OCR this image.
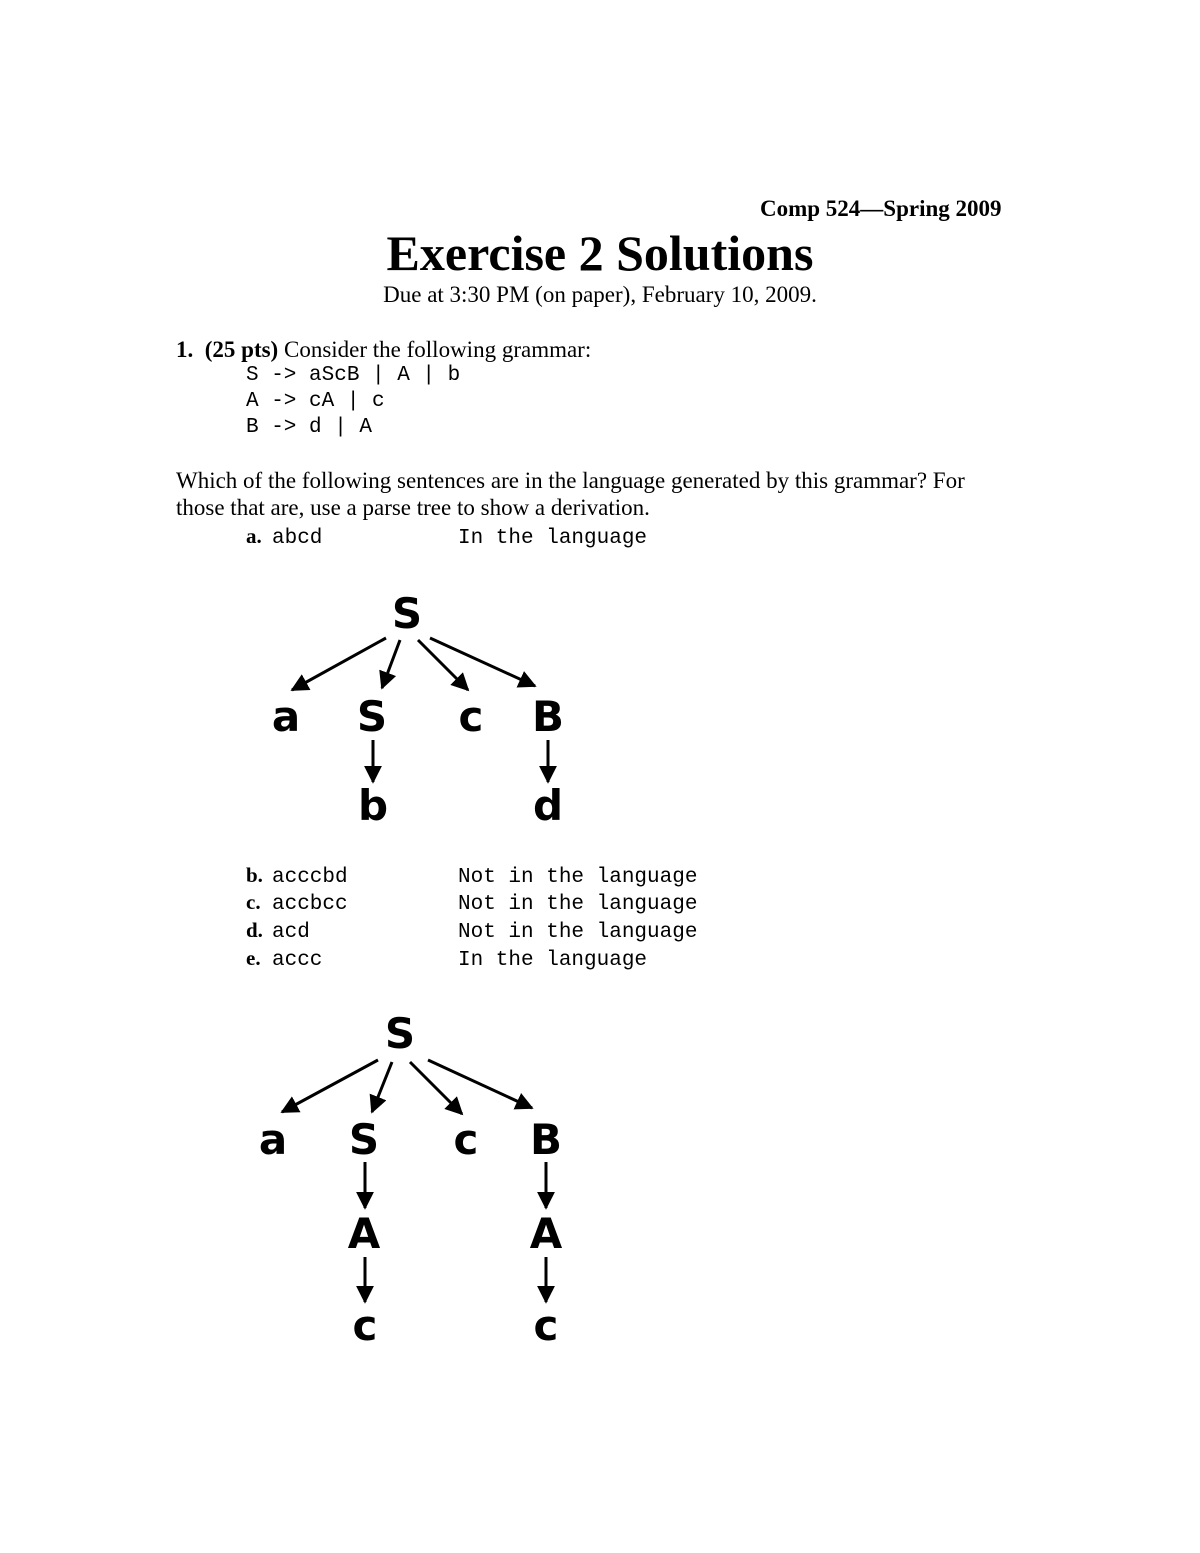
Comp 524—Spring 2009
Exercise 2 Solutions
Due at 3:30 PM (on paper), February 10, 2009.
1. (25 pts) Consider the following grammar:
S -> aScB | A | b
A -> cA | c
B -> d | A
Which of the following sentences are in the language generated by this grammar? For those that are, use a parse tree to show a derivation.
a. abcd	In the language
S
a S c B
b	d
b. acccbd	Not in the language
c. accbcc	Not in the language
d. acd	Not in the language
e. accc	In the language
S
a S c B
A	A
c	c
